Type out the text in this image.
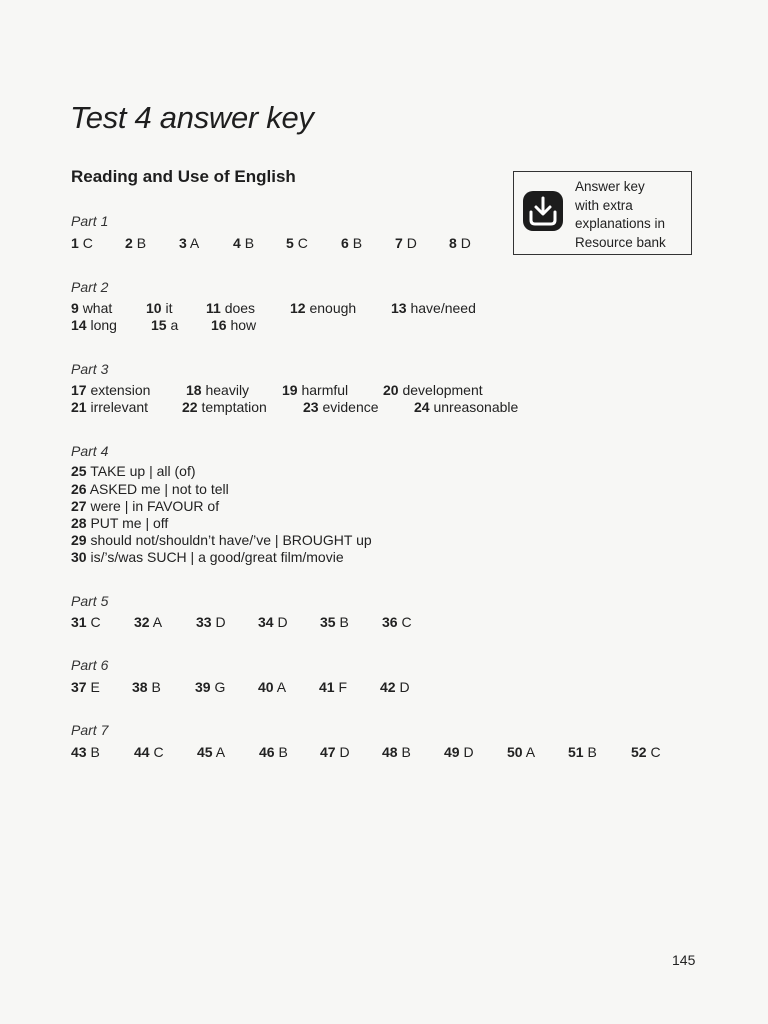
Test 4 answer key
Reading and Use of English
Answer key
with extra
explanations in
Resource bank
Part 1
1 C 2 B 3 A 4 B 5 C 6 B 7 D 8 D
Part 2
9 what 10 it 11 does 12 enough 13 have/need
14 long 15 a 16 how
Part 3
17 extension	18 heavily 19 harmful 20 development
21 irrelevant 22 temptation	23 evidence	24 unreasonable
Part 4
25 TAKE up | all (of)
26 ASKED me | not to tell
27 were | in FAVOUR of
28 PUT me | off
29 should not/shouldn’t have/’ve | BROUGHT up
30 is/’s/was SUCH | a good/great film/movie
Part 5
31 C 32 A 33 D 34 D 35 B 36 C
Part 6
37 E 38 B 39 G 40 A 41 F 42 D
Part 7
43 B 44 C 45 A 46 B 47 D 48 B 49 D 50 A 51 B 52 C
145
